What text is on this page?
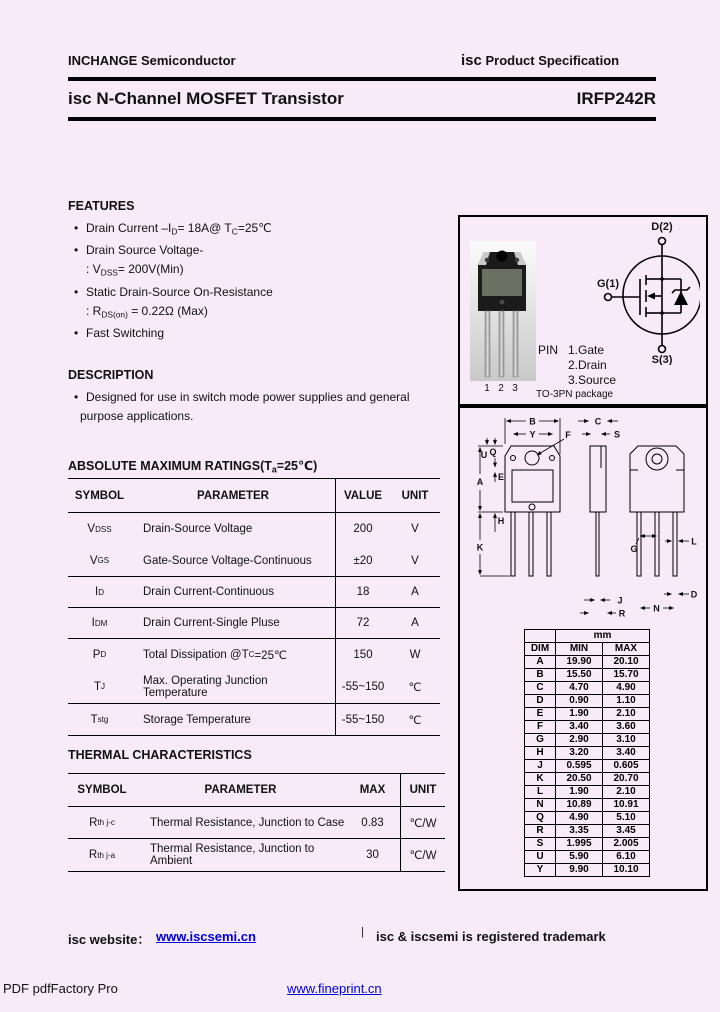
INCHANGE Semiconductor	isc Product Specification
isc N-Channel MOSFET Transistor	IRFP242R
FEATURES
• Drain Current $-I_D=$ 18A@ $T_C=25℃$
• Drain Source Voltage-
: $V_{DSS}= 200V(Min)$
• Static Drain-Source On-Resistance
: $R_{DS(on)} = 0.22\Omega$ (Max)
• Fast Switching
DESCRIPTION
• Designed for use in switch mode power supplies and general
purpose applications.
ABSOLUTE MAXIMUM $RATINGS(T_a=25℃)$
SYMBOL	PARAMETER	VALUE	UNIT
V DSS	Drain-Source Voltage	200	V
V GS	Gate-Source Voltage-Continuous	±20	V
I D	Drain Current-Continuous	18	A
I DM	Drain Current-Single Pluse	72	A
P D	Total Dissipation @T C =25℃	150	W
T J	Max. Operating Junction Temperature	-55~150	℃
T stg	Storage Temperature	-55~150	℃
THERMAL CHARACTERISTICS
SYMBOL	PARAMETER	MAX	UNIT
R th j-c	Thermal Resistance, Junction to Case	0.83	℃/W
R th j-a	Thermal Resistance, Junction to Ambient	30	℃/W
1 2 3
D(2)
G(1)
S(3)
PIN 1.Gate
2.Drain
3.Source
TO-3PN package
B
Y	F
A
U Q
E
H
K
C
S
J
R
G
L
D
N
	mm	
DIM	MIN	MAX
A	19.90	20.10
B	15.50	15.70
C	4.70	4.90
D	0.90	1.10
E	1.90	2.10
F	3.40	3.60
G	2.90	3.10
H	3.20	3.40
J	0.595	0.605
K	20.50	20.70
L	1.90	2.10
N	10.89	10.91
Q	4.90	5.10
R	3.35	3.45
S	1.995	2.005
U	5.90	6.10
Y	9.90	10.10
isc website： www.iscsemi.cn	| isc & iscsemi is registered trademark
PDF pdfFactory Pro	www.fineprint.cn
